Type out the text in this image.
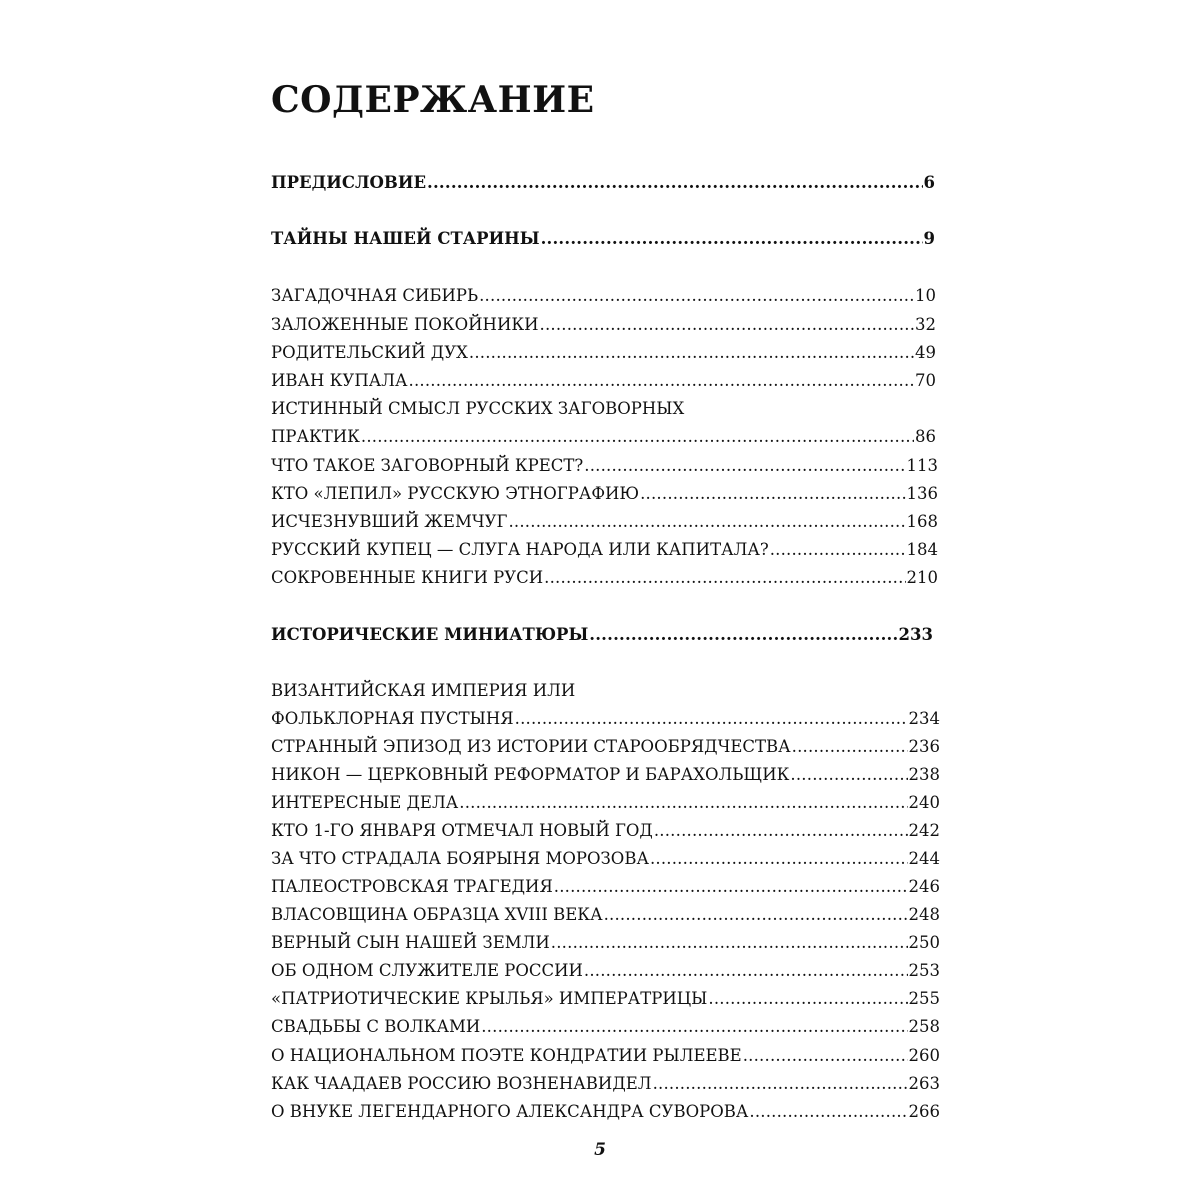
СОДЕРЖАНИЕ
ПРЕДИСЛОВИЕ .....	6
ТАЙНЫ НАШЕЙ СТАРИНЫ .....	9
ЗАГАДОЧНАЯ СИБИРЬ .....	10
ЗАЛОЖЕННЫЕ ПОКОЙНИКИ .....	32
РОДИТЕЛЬСКИЙ ДУХ .....	49
ИВАН КУПАЛА .....	70
ИСТИННЫЙ СМЫСЛ РУССКИХ ЗАГОВОРНЫХ
ПРАКТИК .....	86
ЧТО ТАКОЕ ЗАГОВОРНЫЙ КРЕСТ? .....	113
КТО «ЛЕПИЛ» РУССКУЮ ЭТНОГРАФИЮ .....	136
ИСЧЕЗНУВШИЙ ЖЕМЧУГ .....	168
РУССКИЙ КУПЕЦ — СЛУГА НАРОДА ИЛИ КАПИТАЛА? .....	184
СОКРОВЕННЫЕ КНИГИ РУСИ .....	210
ИСТОРИЧЕСКИЕ МИНИАТЮРЫ .....	233
ВИЗАНТИЙСКАЯ ИМПЕРИЯ ИЛИ
ФОЛЬКЛОРНАЯ ПУСТЫНЯ .....	234
СТРАННЫЙ ЭПИЗОД ИЗ ИСТОРИИ СТАРООБРЯДЧЕСТВА .....	236
НИКОН — ЦЕРКОВНЫЙ РЕФОРМАТОР И БАРАХОЛЬЩИК .....	238
ИНТЕРЕСНЫЕ ДЕЛА .....	240
КТО 1-ГО ЯНВАРЯ ОТМЕЧАЛ НОВЫЙ ГОД .....	242
ЗА ЧТО СТРАДАЛА БОЯРЫНЯ МОРОЗОВА .....	244
ПАЛЕОСТРОВСКАЯ ТРАГЕДИЯ .....	246
ВЛАСОВЩИНА ОБРАЗЦА XVIII ВЕКА .....	248
ВЕРНЫЙ СЫН НАШЕЙ ЗЕМЛИ .....	250
ОБ ОДНОМ СЛУЖИТЕЛЕ РОССИИ .....	253
«ПАТРИОТИЧЕСКИЕ КРЫЛЬЯ» ИМПЕРАТРИЦЫ .....	255
СВАДЬБЫ С ВОЛКАМИ .....	258
О НАЦИОНАЛЬНОМ ПОЭТЕ КОНДРАТИИ РЫЛЕЕВЕ .....	260
КАК ЧААДАЕВ РОССИЮ ВОЗНЕНАВИДЕЛ .....	263
О ВНУКЕ ЛЕГЕНДАРНОГО АЛЕКСАНДРА СУВОРОВА .....	266
5
